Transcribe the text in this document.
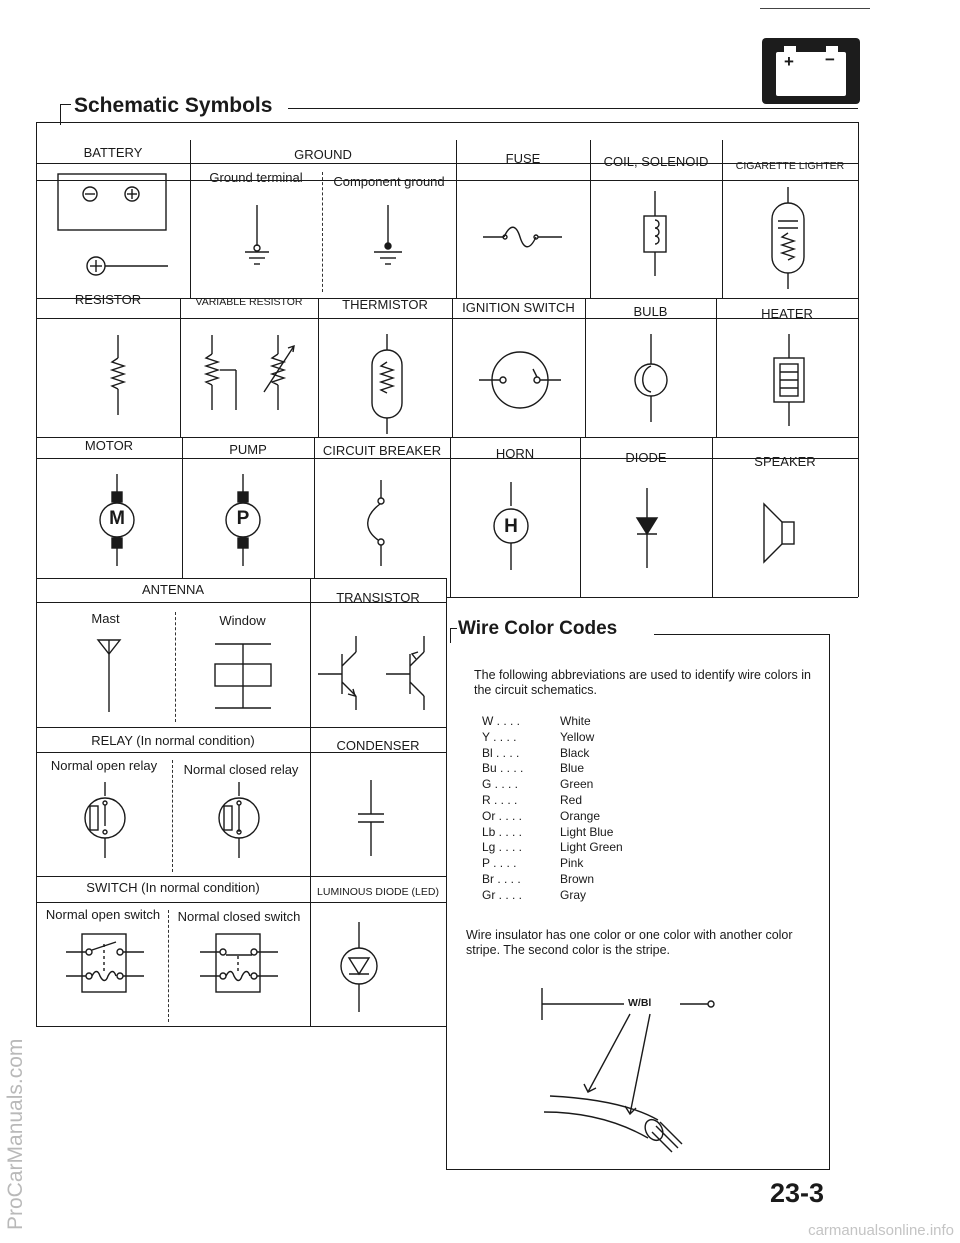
+ −
Schematic Symbols
BATTERY	GROUND
Ground terminal	Component ground
FUSE	COIL, SOLENOID	CIGARETTE LIGHTER
RESISTOR	VARIABLE RESISTOR	THERMISTOR	IGNITION SWITCH	BULB	HEATER
MOTOR	PUMP	CIRCUIT BREAKER	HORN	DIODE	SPEAKER
ANTENNA
Mast	Window
TRANSISTOR
RELAY (In normal condition)
Normal open relay	Normal closed relay
CONDENSER
SWITCH (In normal condition)
Normal open switch	Normal closed switch
LUMINOUS DIODE (LED)
M	P	H
Wire Color Codes
The following abbreviations are used to identify wire colors in the circuit schematics.
W . . . .	White
Y . . . .	Yellow
Bl . . . .	Black
Bu . . . .	Blue
G . . . .	Green
R . . . .	Red
Or . . . .	Orange
Lb . . . .	Light Blue
Lg . . . .	Light Green
P . . . .	Pink
Br . . . .	Brown
Gr . . . .	Gray
Wire insulator has one color or one color with another color stripe. The second color is the stripe.
W/Bl
23-3
ProCarManuals.com
carmanualsonline.info
